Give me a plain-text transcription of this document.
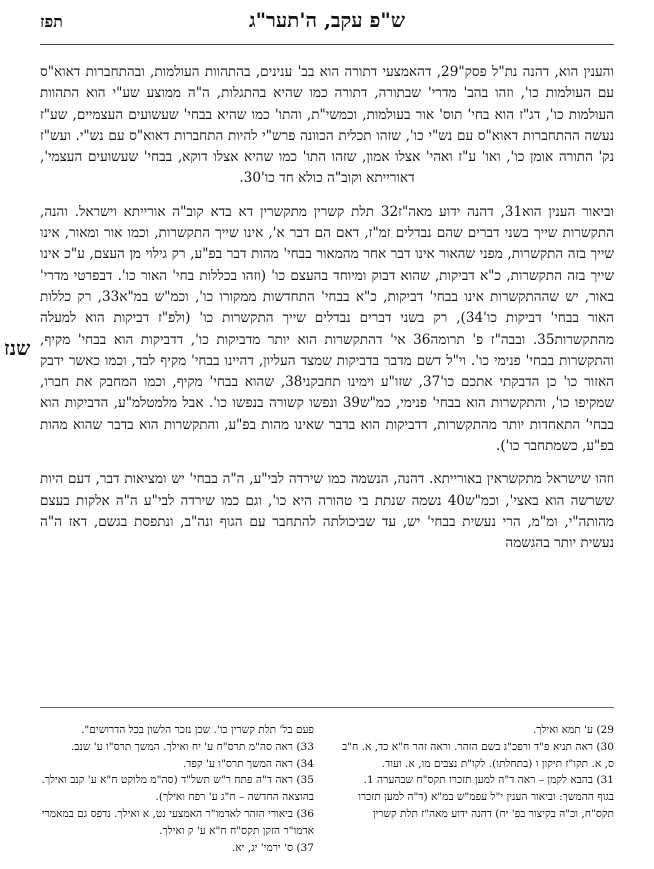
ש"פ עקב, ה'תער"ג
תפז

והענין הוא, דהנה נת"ל פסק"29, דהאמצעי דתורה הוא בב' ענינים, בהתהוות העולמות, ובהתחברות דאוא"ס עם העולמות כו', וזהו בהב' מדרי' שבתורה, דתורה כמו שהיא בהתגלות, ה"ה ממוצע שע"י הוא התהוות העולמות כו', דג"ז הוא בחי' תוס' אור בעולמות, וכמשי"ת, והתו' כמו שהיא בבחי' שעשועים העצמיים, שע"ז נעשה ההתחברות דאוא"ס עם נש"י כו', שזהו תכלית הכוונה פרש"י להיות התחברות דאוא"ס עם נש"י. ועש"ז נק' התורה אומן כו', ואו' ע"ז ואהי' אצלו אמון, שזהו התו' כמו שהיא אצלו דוקא, בבחי' שעשועים העצמי', דאורייתא וקוב"ה כולא חד כו'30.

וביאור הענין הוא31, דהנה ידוע מאה"ז32 תלת קשרין מתקשרין דא בדא קוב"ה אורייתא וישראל. והנה, התקשרות שייך בשני דברים שהם נבדלים זמ"ז, דאם הם דבר א', אינו שייך התקשרות, וכמו אור ומאור, אינו שייך בזה התקשרות, מפני שהאור אינו דבר אחר מהמאור בבחי' מהות דבר בפ"ע, רק גילוי מן העצם, ע"כ אינו שייך בזה התקשרות, כ"א דביקות, שהוא דבוק ומיוחד בהעצם כו' (וזהו בכללות בחי' האור כו'. דבפרטי מדרי' באור, יש שההתקשרות אינו בבחי' דביקות, כ"א בבחי' התחדשות ממקורו כו', וכמ"ש במ"א33, רק כללות האור בבחי' דביקות כו'34), רק בשני דברים נבדלים שייך התקשרות כו' (ולפ"ז דביקות הוא למעלה מהתקשרות35. ובבה"ז פ' תרומה36 אי' דהתקשרות הוא יותר מדביקות כו', דדביקות הוא בבחי' מקיף, והתקשרות בבחי' פנימי כו'. וי"ל דשם מדבר בדביקות שמצד העליון, דהיינו בבחי' מקיף לבד, וכמו כאשר ידבק האזור כו' כן הדבקתי אתכם כו'37, שזו"ע וימינו תחבקני38, שהוא בבחי' מקיף, וכמו המחבק את חברו, שמקיפו כו', והתקשרות הוא בבחי' פנימי, כמ"ש39 ונפשו קשורה בנפשו כו'. אבל מלמטלמ"ע, הדביקות הוא בבחי' התאחדות יותר מהתקשרות, דדביקות הוא בדבר שאינו מהות בפ"ע, והתקשרות הוא בדבר שהוא מהות בפ"ע, כשמתחבר כו').

וזהו שישראל מתקשראין באורייתא. דהנה, הנשמה כמו שירדה לבי"ע, ה"ה בבחי' יש ומציאות דבר, דעם היות ששרשה הוא באצי', וכמ"ש40 נשמה שנתת בי טהורה היא כו', וגם כמו שירדה לבי"ע ה"ה אלקות בעצם מהותה"י, ומ"מ, הרי נעשית בבחי' יש, עד שביכולתה להתחבר עם הגוף ונה"ב, ונתפסת בגשם, דאז ה"ה נעשית יותר בהגשמה

שנז

29) ע' תמא ואילך.

30) ראה תניא פ"ד ורפכ"ג בשם הזהר. וראה זהר ח"א כד, א. ח"ב ס, א. תקו"ז תיקון ו (בתחלתו). לקו"ת נצבים מו, א. ועוד.

31) בהבא לקמן – ראה ד"ה למען תזכרו תקס"ח שבהערה 1.

בגוף ההמשך: וביאור הענין י"ל עפמ"ש במ"א (ד"ה למען תזכרו תקס"ח, וכ"ה בקיצור בפ' יח) דהנה ידוע מאה"ז תלת קשרין

פעם בל' תלת קשרין כו'. שכן נזכר הלשון בכל הדרושים".

33) ראה סה"מ תרס"ח ע' יח ואילך. המשך תרס"ו ע' שנב.

34) ראה המשך תרס"ו ע' קפד.

35) ראה ד"ה פתח ר"ש תשל"ד (סה"מ מלוקט ח"א ע' קנב ואילך. בהוצאה החדשה – ח"ג ע' רפח ואילך).

36) ביאורי הזהר לאדמו"ר האמצעי נט, א ואילך. נדפס גם במאמרי אדמו"ר הזקן תקס"ח ח"א ע' ק ואילך.

37) ס' ירמי' יג, יא.
